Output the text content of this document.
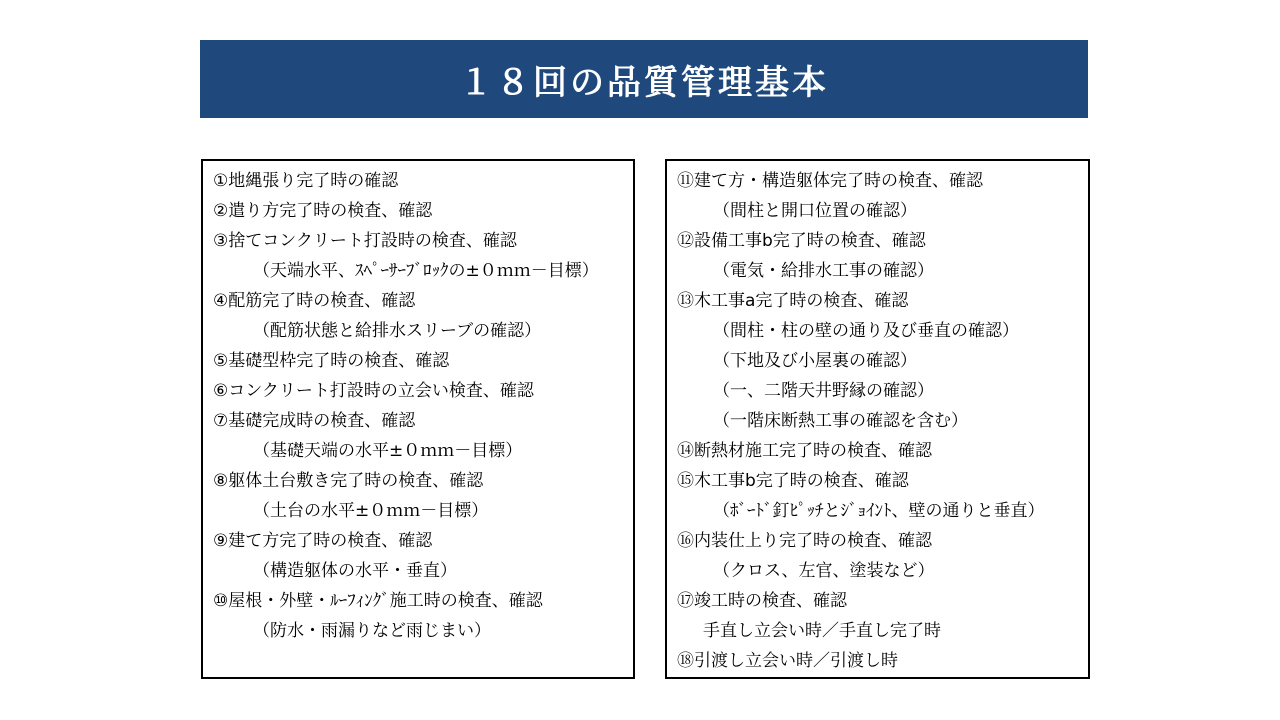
１８回の品質管理基本
①地縄張り完了時の確認
②遣り方完了時の検査、確認
③捨てコンクリート打設時の検査、確認
（天端水平、ｽﾍﾟｰｻｰﾌﾞﾛｯｸの±０ｍｍ－目標）
④配筋完了時の検査、確認
（配筋状態と給排水スリーブの確認）
⑤基礎型枠完了時の検査、確認
⑥コンクリート打設時の立会い検査、確認
⑦基礎完成時の検査、確認
（基礎天端の水平±０ｍｍ－目標）
⑧躯体土台敷き完了時の検査、確認
（土台の水平±０ｍｍ－目標）
⑨建て方完了時の検査、確認
（構造躯体の水平・垂直）
⑩屋根・外壁・ﾙｰﾌｨﾝｸﾞ施工時の検査、確認
（防水・雨漏りなど雨じまい）
⑪建て方・構造躯体完了時の検査、確認
（間柱と開口位置の確認）
⑫設備工事b完了時の検査、確認
（電気・給排水工事の確認）
⑬木工事a完了時の検査、確認
（間柱・柱の壁の通り及び垂直の確認）
（下地及び小屋裏の確認）
（一、二階天井野縁の確認）
（一階床断熱工事の確認を含む）
⑭断熱材施工完了時の検査、確認
⑮木工事b完了時の検査、確認
（ﾎﾞｰﾄﾞ釘ﾋﾟｯﾁとｼﾞｮｲﾝﾄ、壁の通りと垂直）
⑯内装仕上り完了時の検査、確認
（クロス、左官、塗装など）
⑰竣工時の検査、確認
手直し立会い時／手直し完了時
⑱引渡し立会い時／引渡し時
